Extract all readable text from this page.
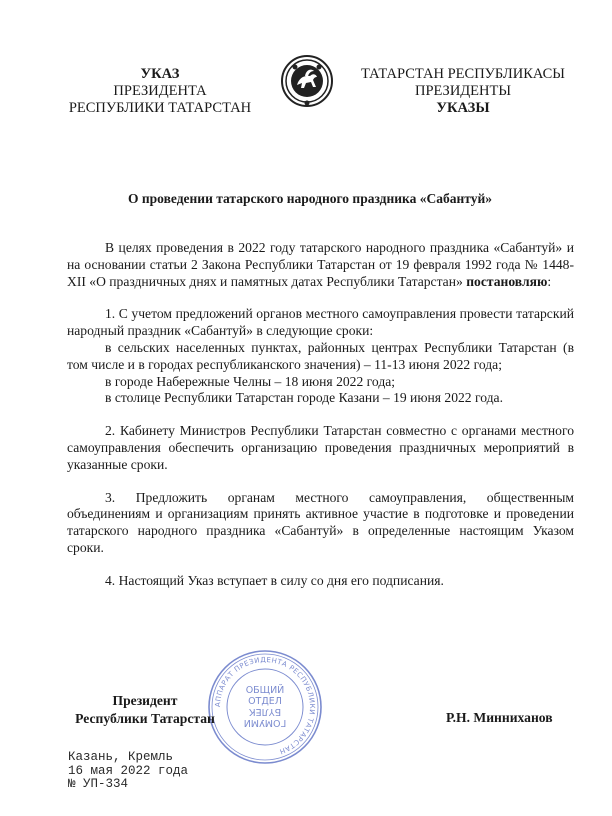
УКАЗ
ПРЕЗИДЕНТА
РЕСПУБЛИКИ ТАТАРСТАН
ТАТАРСТАН РЕСПУБЛИКАСЫ
ПРЕЗИДЕНТЫ
УКАЗЫ
О проведении татарского народного праздника «Сабантуй»

В целях проведения в 2022 году татарского народного праздника «Сабантуй» и на основании статьи 2 Закона Республики Татарстан от 19 февраля 1992 года № 1448-XII «О праздничных днях и памятных датах Республики Татарстан» постановляю:

1. С учетом предложений органов местного самоуправления провести татарский народный праздник «Сабантуй» в следующие сроки:

в сельских населенных пунктах, районных центрах Республики Татарстан (в том числе и в городах республиканского значения) – 11-13 июня 2022 года;

в городе Набережные Челны – 18 июня 2022 года;

в столице Республики Татарстан городе Казани – 19 июня 2022 года.

2. Кабинету Министров Республики Татарстан совместно с органами местного самоуправления обеспечить организацию проведения праздничных мероприятий в указанные сроки.

3. Предложить органам местного самоуправления, общественным объединениям и организациям принять активное участие в подготовке и проведении татарского народного праздника «Сабантуй» в определенные настоящим Указом сроки.

4. Настоящий Указ вступает в силу со дня его подписания.

АППАРАТ ПРЕЗИДЕНТА РЕСПУБЛИКИ ТАТАРСТАН
ОБЩИЙ
ОТДЕЛ
ГОМУМИ
БҮЛЕК
Президент
Республики Татарстан	Р.Н. Минниханов
Казань, Кремль
16 мая 2022 года
№ УП-334
